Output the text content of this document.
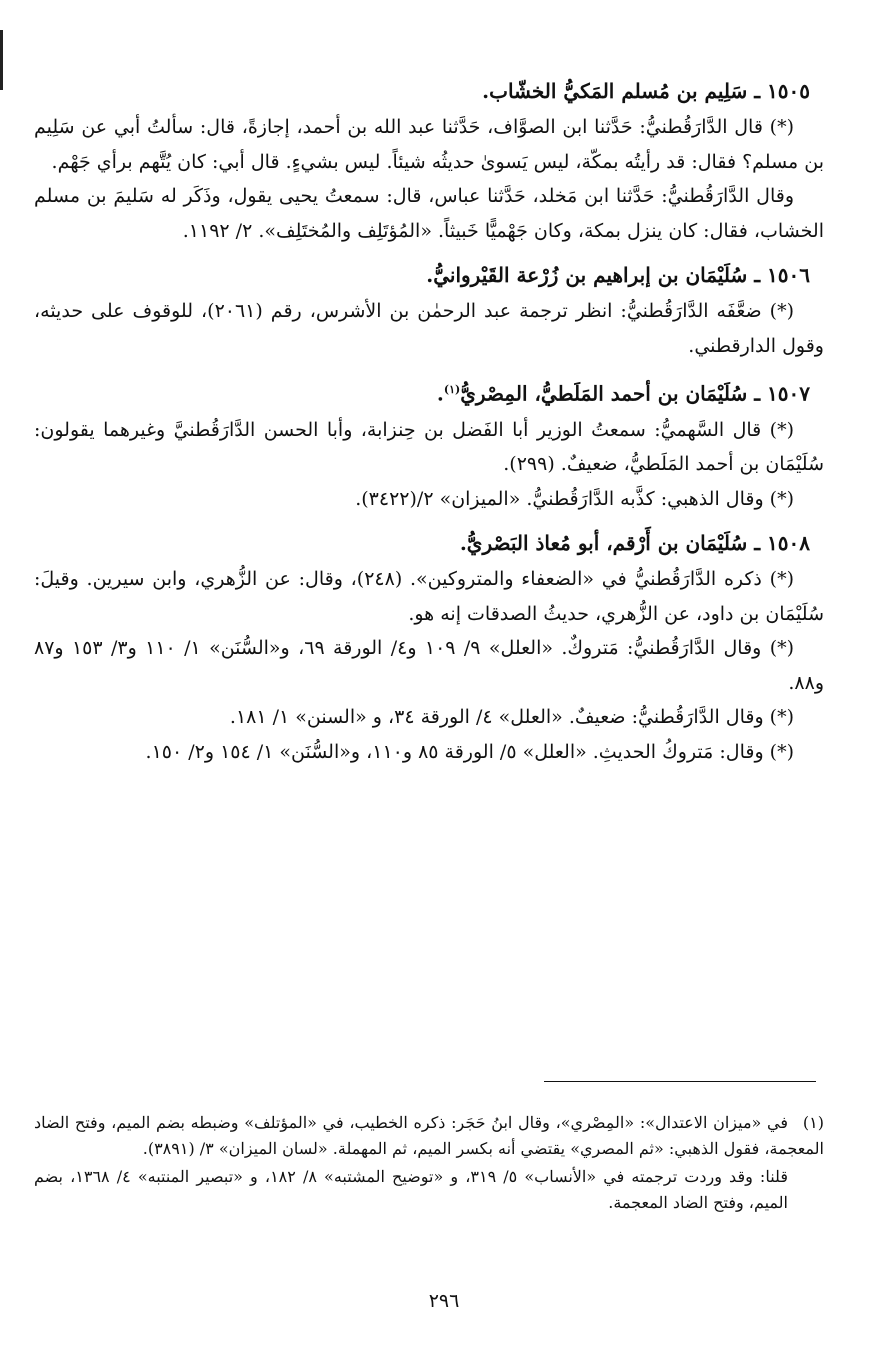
١٥٠٥ ـ سَلِيم بن مُسلم المَكيُّ الخشّاب.

(*) قال الدَّارَقُطنيُّ: حَدَّثنا ابن الصوَّاف، حَدَّثنا عبد الله بن أحمد، إجازةً، قال: سألتُ أبي عن سَلِيم بن مسلم؟ فقال: قد رأيتُه بمكّة، ليس يَسوىٰ حديثُه شيئاً. ليس بشيءٍ. قال أبي: كان يُتَّهم برأي جَهْم.

وقال الدَّارَقُطنيُّ: حَدَّثنا ابن مَخلد، حَدَّثنا عباس، قال: سمعتُ يحيى يقول، وذَكَر له سَليمَ بن مسلم الخشاب، فقال: كان ينزل بمكة، وكان جَهْميًّا خَبيثاً. «المُؤتَلِف والمُختَلِف». ٢/ ١١٩٢.

١٥٠٦ ـ سُلَيْمَان بن إبراهيم بن زُرْعة القَيْروانيُّ.

(*) ضعَّفَه الدَّارَقُطنيُّ: انظر ترجمة عبد الرحمٰن بن الأشرس، رقم (٢٠٦١)، للوقوف على حديثه، وقول الدارقطني.

١٥٠٧ ـ سُلَيْمَان بن أحمد المَلَطيُّ، المِصْريُّ$^{(١)}$.

(*) قال السَّهميُّ: سمعتُ الوزير أبا الفَضل بن حِنزابة، وأبا الحسن الدَّارَقُطنيَّ وغيرهما يقولون: سُلَيْمَان بن أحمد المَلَطيُّ، ضعيفٌ. (٢٩٩).

(*) وقال الذهبي: كذَّبه الدَّارَقُطنيُّ. «الميزان» ٢/(٣٤٢٢).

١٥٠٨ ـ سُلَيْمَان بن أَرْقم، أبو مُعاذ البَصْريُّ.

(*) ذكره الدَّارَقُطنيُّ في «الضعفاء والمتروكين». (٢٤٨)، وقال: عن الزُّهري، وابن سيرين. وقيلَ: سُلَيْمَان بن داود، عن الزُّهري، حديثُ الصدقات إنه هو.

(*) وقال الدَّارَقُطنيُّ: مَتروكٌ. «العلل» ٩/ ١٠٩ و٤/ الورقة ٦٩، و«السُّنَن» ١/ ١١٠ و٣/ ١٥٣ و٨٧ و٨٨.

(*) وقال الدَّارَقُطنيُّ: ضعيفٌ. «العلل» ٤/ الورقة ٣٤، و «السنن» ١/ ١٨١.

(*) وقال: مَتروكُ الحديثِ. «العلل» ٥/ الورقة ٨٥ و١١٠، و«السُّنَن» ١/ ١٥٤ و٢/ ١٥٠.

(١)في «ميزان الاعتدال»: «المِصْري»، وقال ابنُ حَجَر: ذكره الخطيب، في «المؤتلف» وضبطه بضم الميم، وفتح الضاد المعجمة، فقول الذهبي: «ثم المصري» يقتضي أنه بكسر الميم، ثم المهملة. «لسان الميزان» ٣/ (٣٨٩١).

قلنا: وقد وردت ترجمته في «الأنساب» ٥/ ٣١٩، و «توضيح المشتبه» ٨/ ١٨٢، و «تبصير المنتبه» ٤/ ١٣٦٨، بضم الميم، وفتح الضاد المعجمة.

٢٩٦
